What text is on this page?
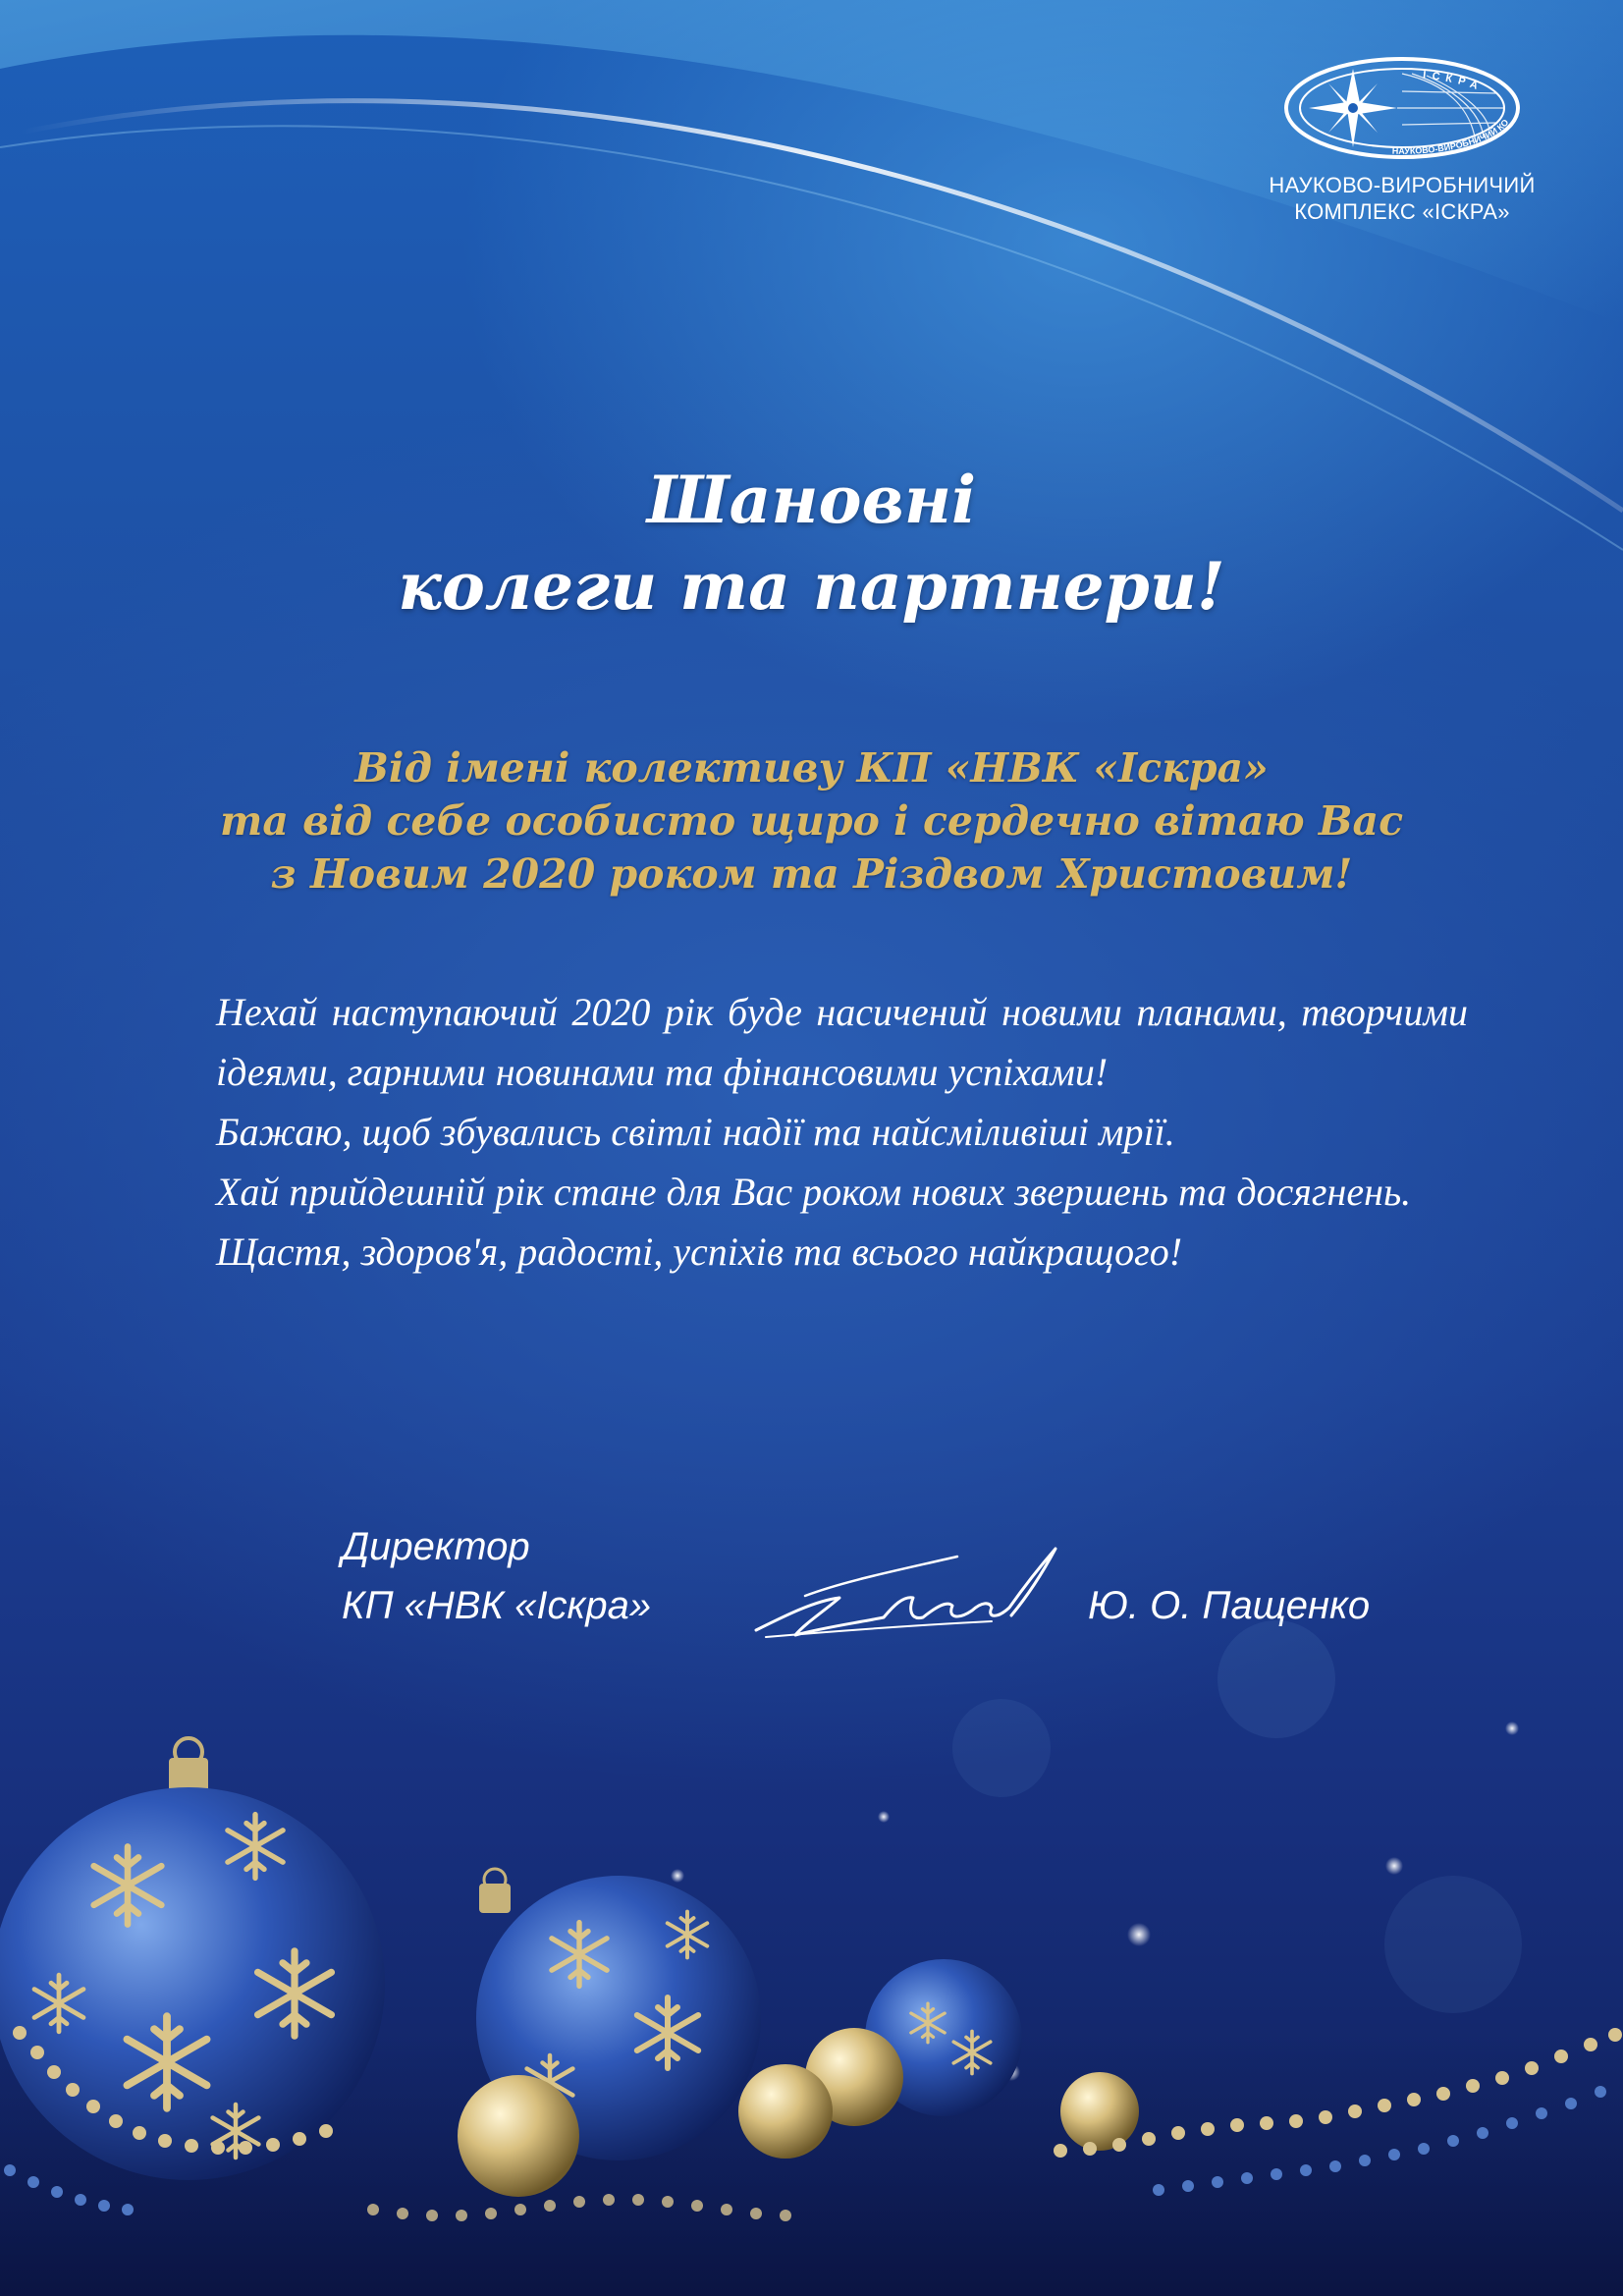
ІСКРА
НАУКОВО-ВИРОБНИЧИЙ КО
НАУКОВО-ВИРОБНИЧИЙ
КОМПЛЕКС «ІСКРА»
Шановні
колеги та партнери!
Від імені колективу КП «НВК «Іскра»
та від себе особисто щиро і сердечно вітаю Вас
з Новим 2020 роком та Різдвом Христовим!

Нехай наступаючий 2020 рік буде насичений новими планами, творчими ідеями, гарними новинами та фінансовими успіхами!

Бажаю, щоб збувались світлі надії та найсміливіші мрії.

Хай прийдешній рік стане для Вас роком нових звершень та досягнень.

Щастя, здоров'я, радості, успіхів та всього найкращого!

Директор
КП «НВК «Іскра»	Ю. О. Пащенко
